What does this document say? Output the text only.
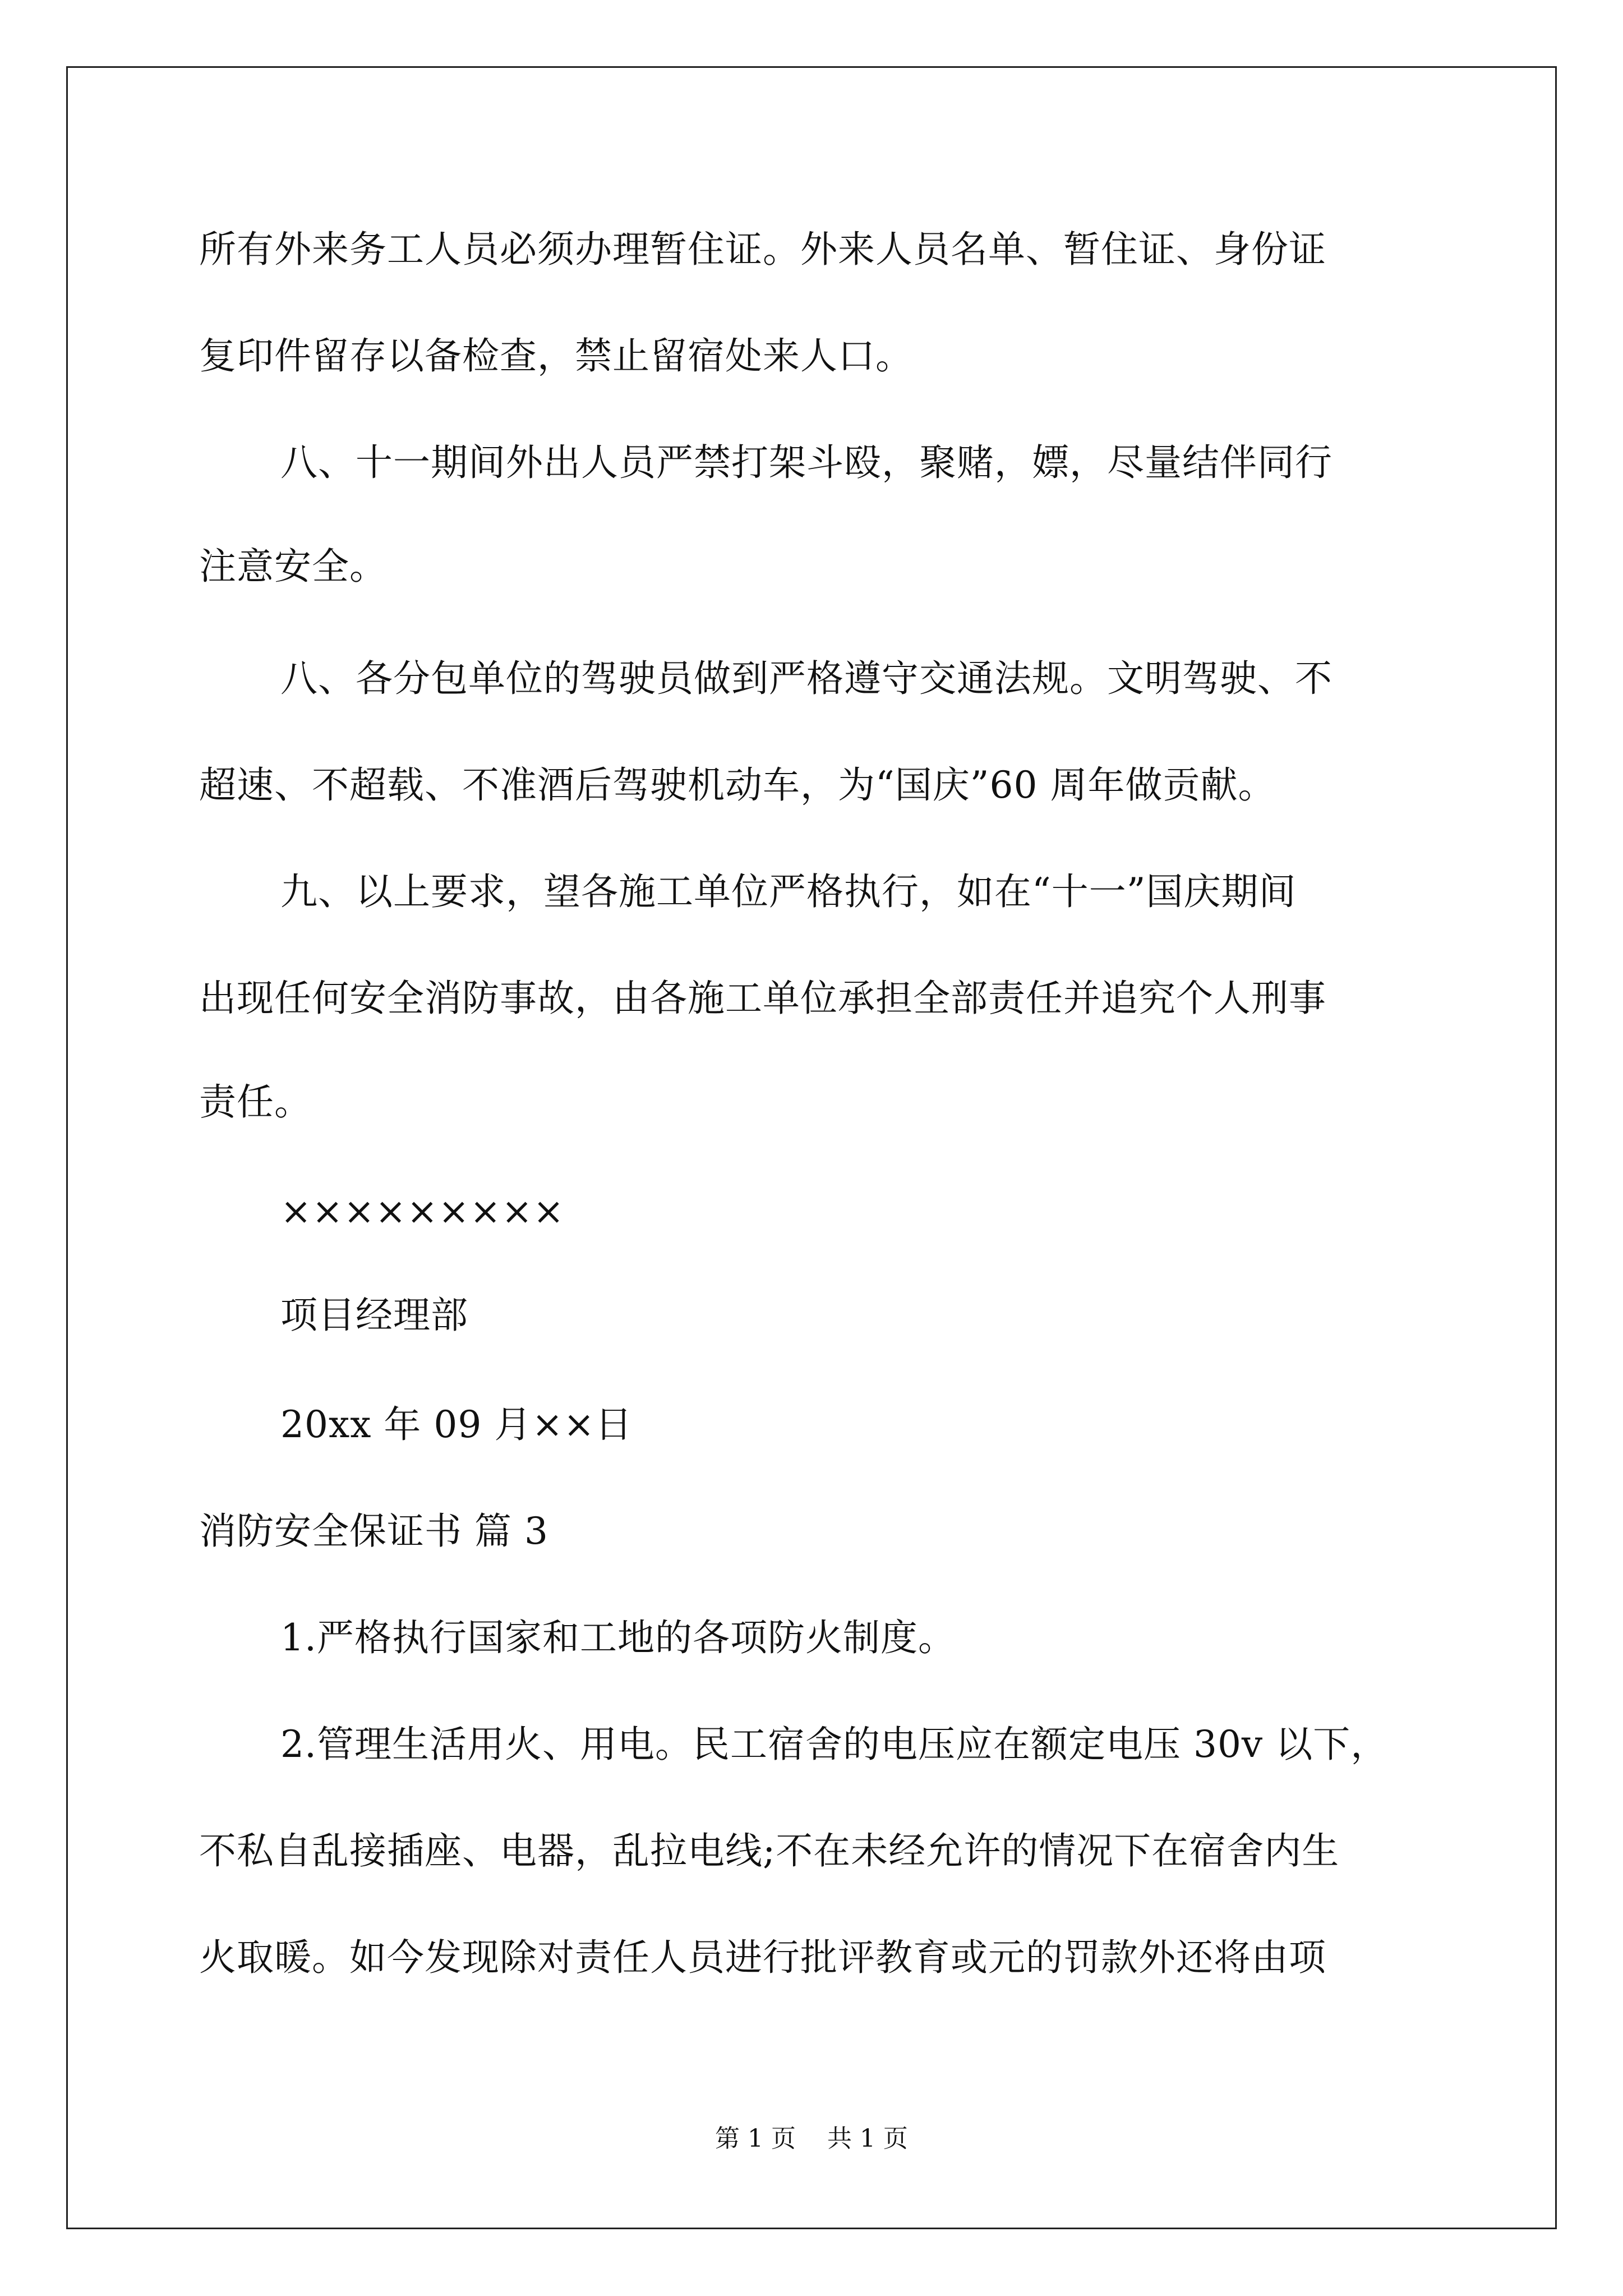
所有外来务工人员必须办理暂住证。外来人员名单、暂住证、身份证
复印件留存以备检查，禁止留宿处来人口。
八、十一期间外出人员严禁打架斗殴，聚赌，嫖，尽量结伴同行
注意安全。
八、各分包单位的驾驶员做到严格遵守交通法规。文明驾驶、不
超速、不超载、不准酒后驾驶机动车，为“国庆”60 周年做贡献。
九、以上要求，望各施工单位严格执行，如在“十一”国庆期间
出现任何安全消防事故，由各施工单位承担全部责任并追究个人刑事
责任。
×××××××××
项目经理部
20xx 年 09 月××日
消防安全保证书 篇 3
1.严格执行国家和工地的各项防火制度。
2.管理生活用火、用电。民工宿舍的电压应在额定电压 30v 以下，
不私自乱接插座、电器，乱拉电线;不在未经允许的情况下在宿舍内生
火取暖。如今发现除对责任人员进行批评教育或元的罚款外还将由项
第 1 页    共 1 页
